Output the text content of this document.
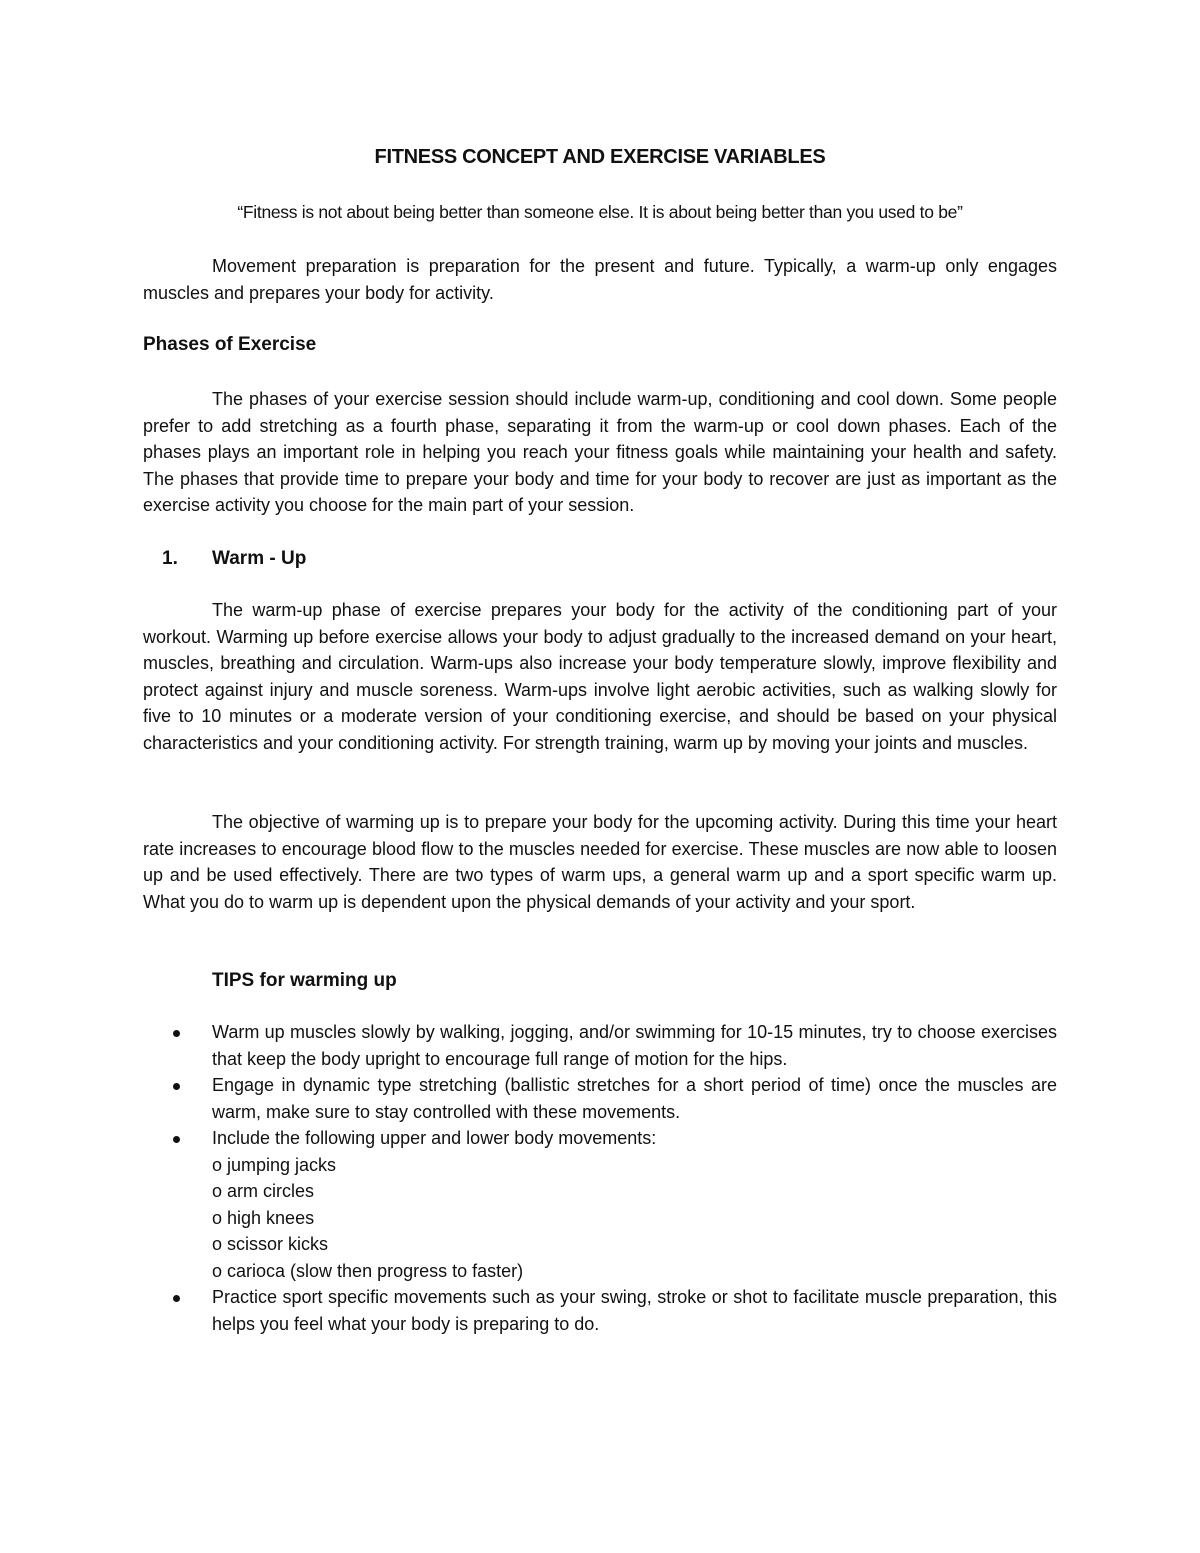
FITNESS CONCEPT AND EXERCISE VARIABLES
“Fitness is not about being better than someone else. It is about being better than you used to be”

Movement preparation is preparation for the present and future. Typically, a warm-up only engages muscles and prepares your body for activity.

Phases of Exercise

The phases of your exercise session should include warm-up, conditioning and cool down. Some people prefer to add stretching as a fourth phase, separating it from the warm-up or cool down phases. Each of the phases plays an important role in helping you reach your fitness goals while maintaining your health and safety. The phases that provide time to prepare your body and time for your body to recover are just as important as the exercise activity you choose for the main part of your session.

1. Warm - Up

The warm-up phase of exercise prepares your body for the activity of the conditioning part of your workout. Warming up before exercise allows your body to adjust gradually to the increased demand on your heart, muscles, breathing and circulation. Warm-ups also increase your body temperature slowly, improve flexibility and protect against injury and muscle soreness. Warm-ups involve light aerobic activities, such as walking slowly for five to 10 minutes or a moderate version of your conditioning exercise, and should be based on your physical characteristics and your conditioning activity. For strength training, warm up by moving your joints and muscles.

The objective of warming up is to prepare your body for the upcoming activity. During this time your heart rate increases to encourage blood flow to the muscles needed for exercise. These muscles are now able to loosen up and be used effectively. There are two types of warm ups, a general warm up and a sport specific warm up. What you do to warm up is dependent upon the physical demands of your activity and your sport.

TIPS for warming up
Warm up muscles slowly by walking, jogging, and/or swimming for 10-15 minutes, try to choose exercises that keep the body upright to encourage full range of motion for the hips.
Engage in dynamic type stretching (ballistic stretches for a short period of time) once the muscles are warm, make sure to stay controlled with these movements.
Include the following upper and lower body movements:
o jumping jacks
o arm circles
o high knees
o scissor kicks
o carioca (slow then progress to faster)
Practice sport specific movements such as your swing, stroke or shot to facilitate muscle preparation, this helps you feel what your body is preparing to do.
